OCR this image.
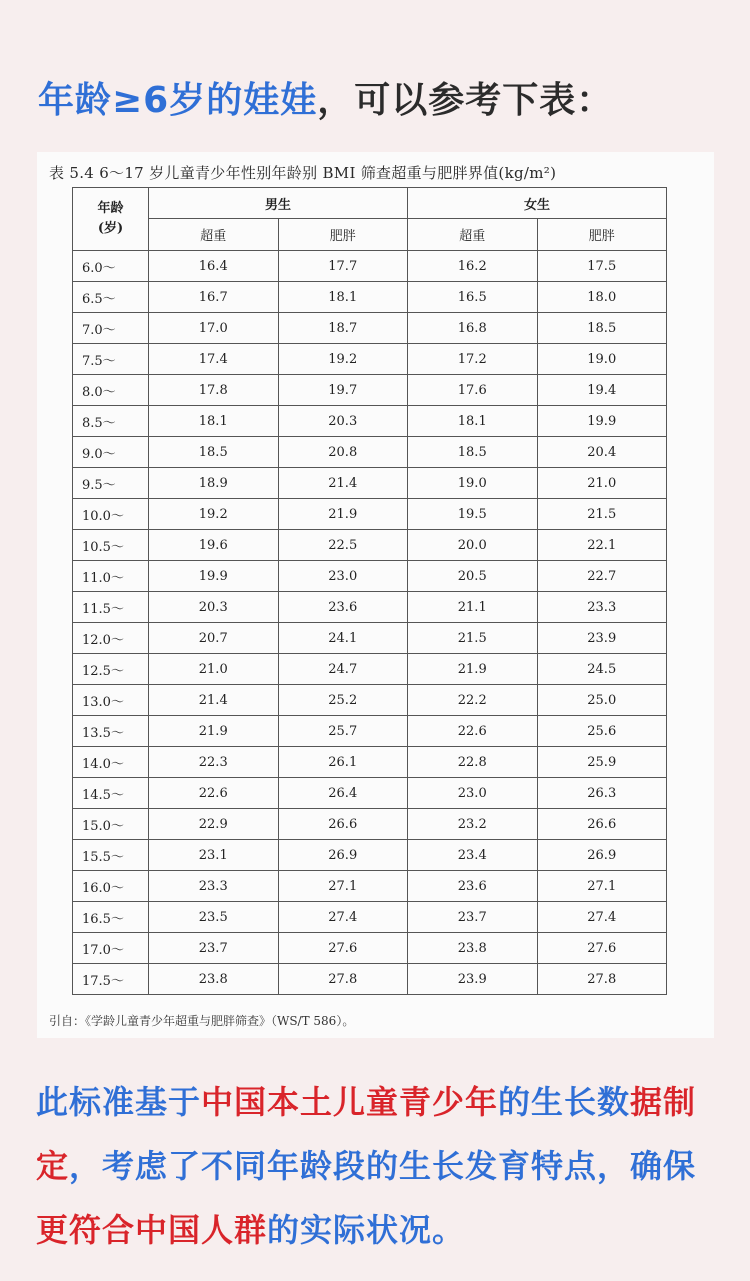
年龄≥6岁的娃娃，可以参考下表：
表 5.4 6～17 岁儿童青少年性别年龄别 BMI 筛查超重与肥胖界值(kg/m²)
年龄
(岁)	男生		女生	
	超重	肥胖	超重	肥胖
6.0～	16.4	17.7	16.2	17.5
6.5～	16.7	18.1	16.5	18.0
7.0～	17.0	18.7	16.8	18.5
7.5～	17.4	19.2	17.2	19.0
8.0～	17.8	19.7	17.6	19.4
8.5～	18.1	20.3	18.1	19.9
9.0～	18.5	20.8	18.5	20.4
9.5～	18.9	21.4	19.0	21.0
10.0～	19.2	21.9	19.5	21.5
10.5～	19.6	22.5	20.0	22.1
11.0～	19.9	23.0	20.5	22.7
11.5～	20.3	23.6	21.1	23.3
12.0～	20.7	24.1	21.5	23.9
12.5～	21.0	24.7	21.9	24.5
13.0～	21.4	25.2	22.2	25.0
13.5～	21.9	25.7	22.6	25.6
14.0～	22.3	26.1	22.8	25.9
14.5～	22.6	26.4	23.0	26.3
15.0～	22.9	26.6	23.2	26.6
15.5～	23.1	26.9	23.4	26.9
16.0～	23.3	27.1	23.6	27.1
16.5～	23.5	27.4	23.7	27.4
17.0～	23.7	27.6	23.8	27.6
17.5～	23.8	27.8	23.9	27.8
引自：《学龄儿童青少年超重与肥胖筛查》（WS/T 586）。
此标准基于中国本土儿童青少年的生长数据制定，考虑了不同年龄段的生长发育特点，确保更符合中国人群的实际状况。
